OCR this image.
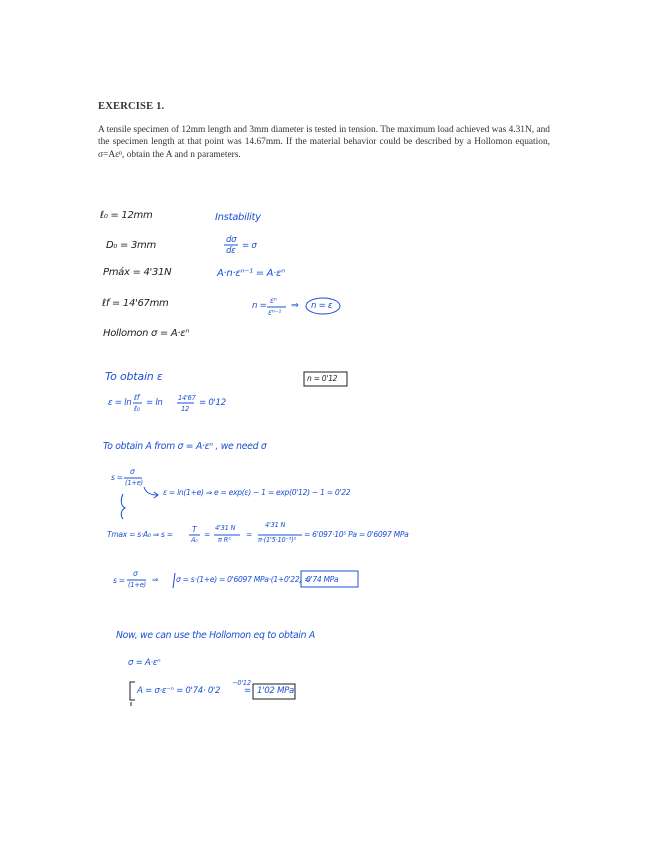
EXERCISE 1.
A tensile specimen of 12mm length and 3mm diameter is tested in tension. The maximum load achieved was 4.31N, and the specimen length at that point was 14.67mm. If the material behavior could be described by a Hollomon equation, σ=Aεⁿ, obtain the A and n parameters.
ℓ₀ = 12mm
D₀ = 3mm
Pmáx = 4'31N
ℓf = 14'67mm
Hollomon σ = A·εⁿ
Instability
dσ
dε = σ
A·n·εⁿ⁻¹ = A·εⁿ
n =
εⁿ
εⁿ⁻¹
⇒ n = ε
To obtain ε	n = 0'12
ε = ln
ℓf
ℓ₀
= ln 14'67
12
= 0'12
To obtain A from σ = A·εⁿ , we need σ
s =
σ
(1+e)
ε = ln(1+e) ⇒ e = exp(ε) − 1 = exp(0'12) − 1 = 0'22
Tmax = s·A₀ ⇒ s =
T
A₀
=
4'31 N
π R²
=
4'31 N
π·(1'5·10⁻³)²
= 6'097·10⁵ Pa = 0'6097 MPa
s =
σ
(1+e)
⇒ σ = s·(1+e) = 0'6097 MPa·(1+0'22) =
0'74 MPa
Now, we can use the Hollomon eq to obtain A
σ = A·εⁿ
A = σ·ε⁻ⁿ = 0'74· 0'2
−0'12
= 1'02 MPa
